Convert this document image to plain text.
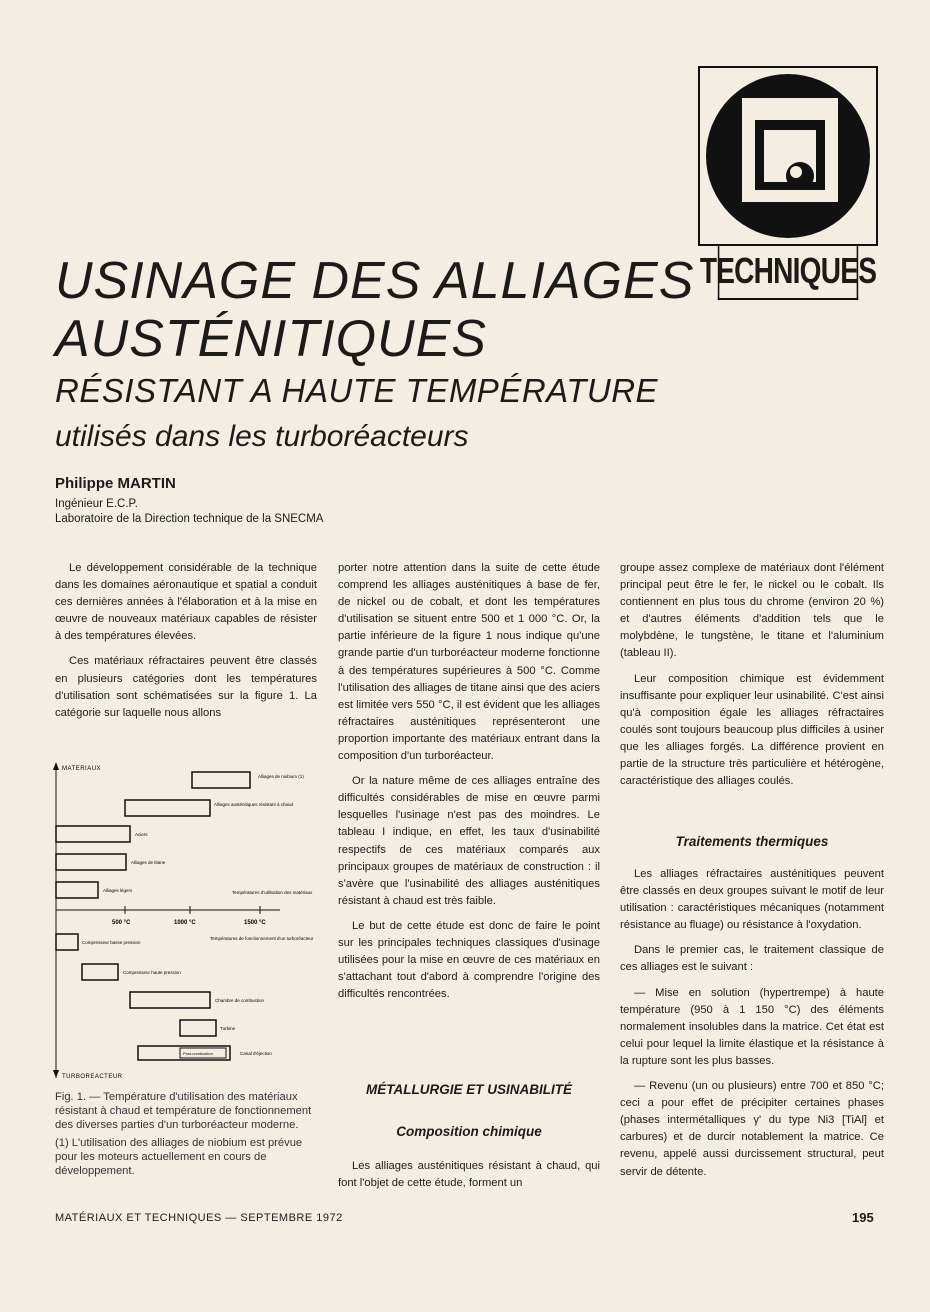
TECHNIQUES
USINAGE DES ALLIAGES
AUSTÉNITIQUES
RÉSISTANT A HAUTE TEMPÉRATURE
utilisés dans les turboréacteurs
Philippe MARTIN
Ingénieur E.C.P.
Laboratoire de la Direction technique de la SNECMA

Le développement considérable de la technique dans les domaines aéronautique et spatial a conduit ces dernières années à l'élaboration et à la mise en œuvre de nouveaux matériaux capables de résister à des températures élevées.

Ces matériaux réfractaires peuvent être classés en plusieurs catégories dont les températures d'utilisation sont schématisées sur la figure 1. La catégorie sur laquelle nous allons

MATERIAUX
TURBOREACTEUR
Alliages de niobium (1)
Alliages austénitiques résistant à chaud
Aciers
Alliages de titane
Alliages légers	Températures d'utilisation des matériaux
500 °C	1000 °C	1500 °C
Températures de fonctionnement d'un turboréacteur
Compresseur basse pression
Compresseur haute pression
Chambre de combustion
Turbine
Post-combustion	Canal d'éjection

Fig. 1. — Température d'utilisation des matériaux résistant à chaud et température de fonctionnement des diverses parties d'un turboréacteur moderne.

(1) L'utilisation des alliages de niobium est prévue pour les moteurs actuellement en cours de développement.

porter notre attention dans la suite de cette étude comprend les alliages austénitiques à base de fer, de nickel ou de cobalt, et dont les températures d'utilisation se situent entre 500 et 1 000 °C. Or, la partie inférieure de la figure 1 nous indique qu'une grande partie d'un turboréacteur moderne fonctionne à des températures supérieures à 500 °C. Comme l'utilisation des alliages de titane ainsi que des aciers est limitée vers 550 °C, il est évident que les alliages réfractaires austénitiques représenteront une proportion importante des matériaux entrant dans la composition d'un turboréacteur.

Or la nature même de ces alliages entraîne des difficultés considérables de mise en œuvre parmi lesquelles l'usinage n'est pas des moindres. Le tableau I indique, en effet, les taux d'usinabilité respectifs de ces matériaux comparés aux principaux groupes de matériaux de construction : il s'avère que l'usinabilité des alliages austénitiques résistant à chaud est très faible.

Le but de cette étude est donc de faire le point sur les principales techniques classiques d'usinage utilisées pour la mise en œuvre de ces matériaux en s'attachant tout d'abord à comprendre l'origine des difficultés rencontrées.

MÉTALLURGIE ET USINABILITÉ
Composition chimique

Les alliages austénitiques résistant à chaud, qui font l'objet de cette étude, forment un

groupe assez complexe de matériaux dont l'élément principal peut être le fer, le nickel ou le cobalt. Ils contiennent en plus tous du chrome (environ 20 %) et d'autres éléments d'addition tels que le molybdène, le tungstène, le titane et l'aluminium (tableau II).

Leur composition chimique est évidemment insuffisante pour expliquer leur usinabilité. C'est ainsi qu'à composition égale les alliages réfractaires coulés sont toujours beaucoup plus difficiles à usiner que les alliages forgés. La différence provient en partie de la structure très particulière et hétérogène, caractéristique des alliages coulés.

Traitements thermiques

Les alliages réfractaires austénitiques peuvent être classés en deux groupes suivant le motif de leur utilisation : caractéristiques mécaniques (notamment résistance au fluage) ou résistance à l'oxydation.

Dans le premier cas, le traitement classique de ces alliages est le suivant :

— Mise en solution (hypertrempe) à haute température (950 à 1 150 °C) des éléments normalement insolubles dans la matrice. Cet état est celui pour lequel la limite élastique et la résistance à la rupture sont les plus basses.

— Revenu (un ou plusieurs) entre 700 et 850 °C; ceci a pour effet de précipiter certaines phases (phases intermétalliques γ' du type Ni3 [TiAl] et carbures) et de durcir notablement la matrice. Ce revenu, appelé aussi durcissement structural, peut servir de détente.

MATÉRIAUX ET TECHNIQUES — SEPTEMBRE 1972	195
